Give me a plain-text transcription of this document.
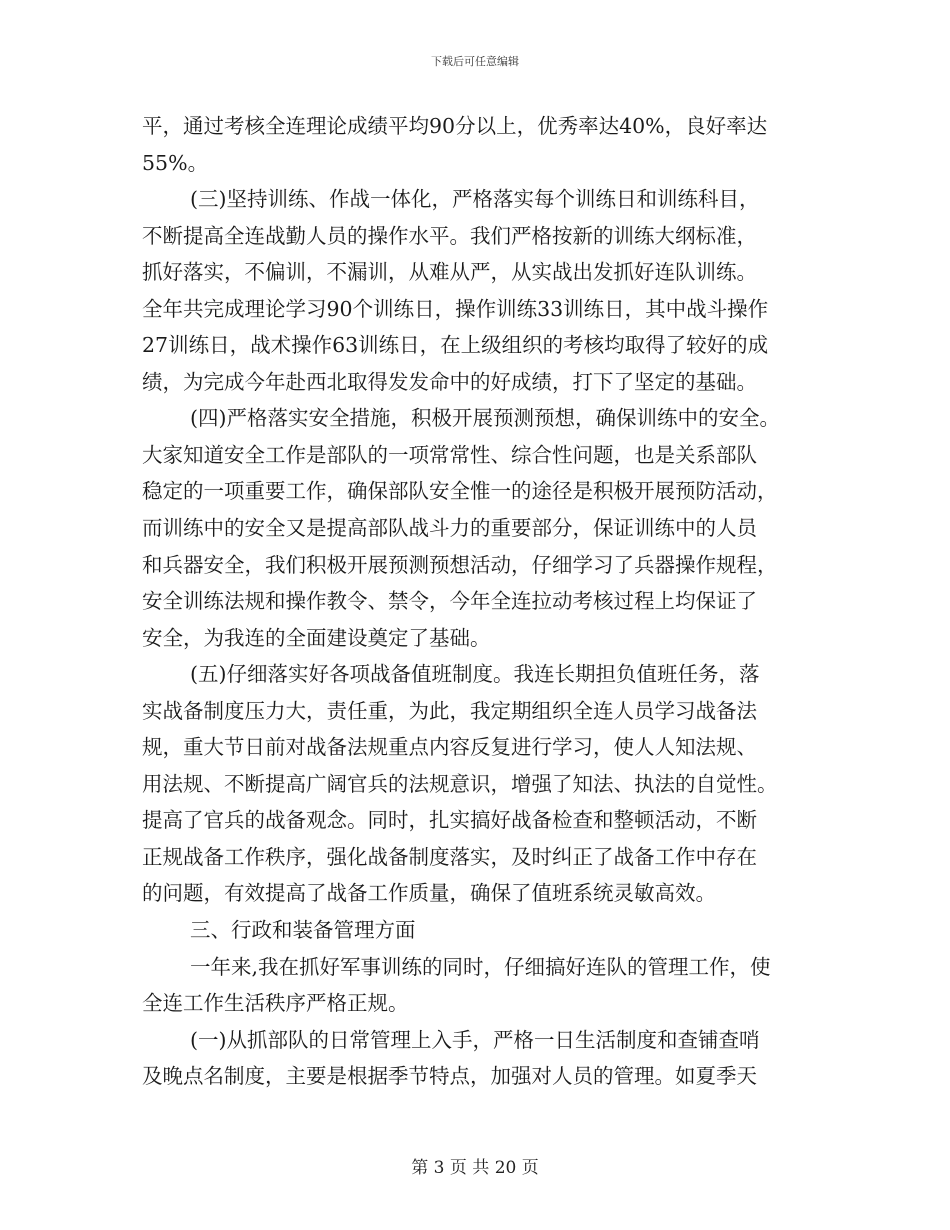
下载后可任意编辑
平，通过考核全连理论成绩平均90分以上，优秀率达40%，良好率达
55%。
(三)坚持训练、作战一体化，严格落实每个训练日和训练科目，
不断提高全连战勤人员的操作水平。我们严格按新的训练大纲标准，
抓好落实，不偏训，不漏训，从难从严，从实战出发抓好连队训练。
全年共完成理论学习90个训练日，操作训练33训练日，其中战斗操作
27训练日，战术操作63训练日，在上级组织的考核均取得了较好的成
绩，为完成今年赴西北取得发发命中的好成绩，打下了坚定的基础。
(四)严格落实安全措施，积极开展预测预想，确保训练中的安全。
大家知道安全工作是部队的一项常常性、综合性问题，也是关系部队
稳定的一项重要工作，确保部队安全惟一的途径是积极开展预防活动，
而训练中的安全又是提高部队战斗力的重要部分，保证训练中的人员
和兵器安全，我们积极开展预测预想活动，仔细学习了兵器操作规程，
安全训练法规和操作教令、禁令，今年全连拉动考核过程上均保证了
安全，为我连的全面建设奠定了基础。
(五)仔细落实好各项战备值班制度。我连长期担负值班任务，落
实战备制度压力大，责任重，为此，我定期组织全连人员学习战备法
规，重大节日前对战备法规重点内容反复进行学习，使人人知法规、
用法规、不断提高广阔官兵的法规意识，增强了知法、执法的自觉性。
提高了官兵的战备观念。同时，扎实搞好战备检查和整顿活动，不断
正规战备工作秩序，强化战备制度落实，及时纠正了战备工作中存在
的问题，有效提高了战备工作质量，确保了值班系统灵敏高效。
三、行政和装备管理方面
一年来,我在抓好军事训练的同时，仔细搞好连队的管理工作，使
全连工作生活秩序严格正规。
(一)从抓部队的日常管理上入手，严格一日生活制度和查铺查哨
及晚点名制度，主要是根据季节特点，加强对人员的管理。如夏季天
第 3 页 共 20 页
